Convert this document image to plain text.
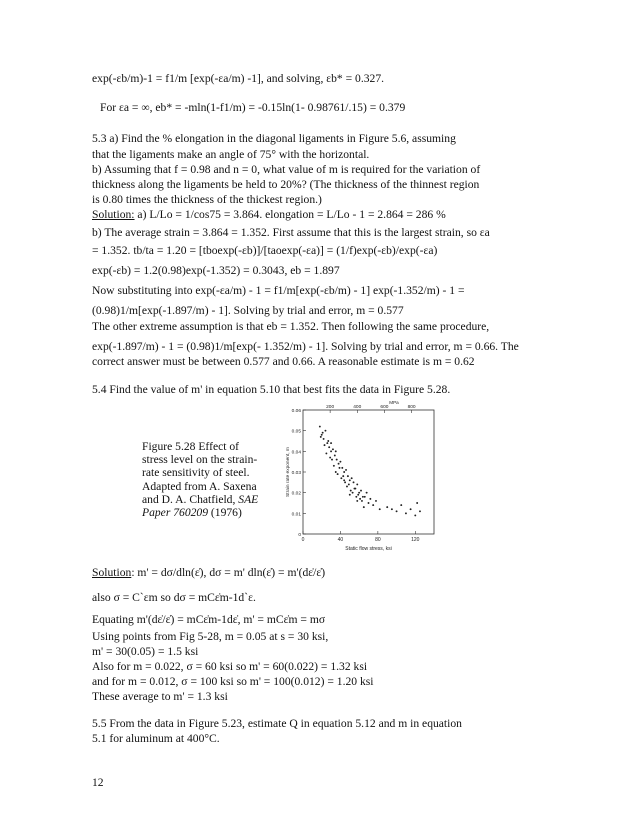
exp(-εb/m)-1 = f1/m [exp(-εa/m) -1], and solving, εb* = 0.327.
For εa = ∞, eb* = -mln(1-f1/m) = -0.15ln(1- 0.98761/.15) = 0.379
5.3 a) Find the % elongation in the diagonal ligaments in Figure 5.6, assuming
that the ligaments make an angle of 75° with the horizontal.
b) Assuming that f = 0.98 and n = 0, what value of m is required for the variation of
thickness along the ligaments be held to 20%? (The thickness of the thinnest region
is 0.80 times the thickness of the thickest region.)
Solution: a) L/Lo = 1/cos75 = 3.864. elongation = L/Lo - 1 = 2.864 = 286 %
b) The average strain = 3.864 = 1.352. First assume that this is the largest strain, so εa
= 1.352. tb/ta = 1.20 = [tboexp(-εb)]/[taoexp(-εa)] = (1/f)exp(-εb)/exp(-εa)
exp(-εb) = 1.2(0.98)exp(-1.352) = 0.3043, eb = 1.897
Now substituting into exp(-εa/m) - 1 = f1/m[exp(-εb/m) - 1] exp(-1.352/m) - 1 =
(0.98)1/m[exp(-1.897/m) - 1]. Solving by trial and error, m = 0.577
The other extreme assumption is that eb = 1.352. Then following the same procedure,
exp(-1.897/m) - 1 = (0.98)1/m[exp(- 1.352/m) - 1]. Solving by trial and error, m = 0.66. The
correct answer must be between 0.577 and 0.66. A reasonable estimate is m = 0.62
5.4 Find the value of m' in equation 5.10 that best fits the data in Figure 5.28.
Figure 5.28 Effect of
stress level on the strain-
rate sensitivity of steel.
Adapted from A. Saxena
and D. A. Chatfield, SAE
Paper 760209 (1976)
0.06
0.05
0.04
0.03
0.02
0.01
0
0	40	80	120
200	400	600	800
MPa
Static flow stress, ksi
Strain rate exponent, m
Solution: m' = dσ/dln(ε̇), dσ = m' dln(ε̇) = m'(dε̇/ε̇)
also σ = C`εm so dσ = mCε̇m-1d`ε.
Equating m'(dε̇/ε̇) = mCε̇m-1dε̇, m' = mCε̇m = mσ
Using points from Fig 5-28, m = 0.05 at s = 30 ksi,
m' = 30(0.05) = 1.5 ksi
Also for m = 0.022, σ = 60 ksi so m' = 60(0.022) = 1.32 ksi
and for m = 0.012, σ = 100 ksi so m' = 100(0.012) = 1.20 ksi
These average to m' = 1.3 ksi
5.5 From the data in Figure 5.23, estimate Q in equation 5.12 and m in equation
5.1 for aluminum at 400°C.
12
